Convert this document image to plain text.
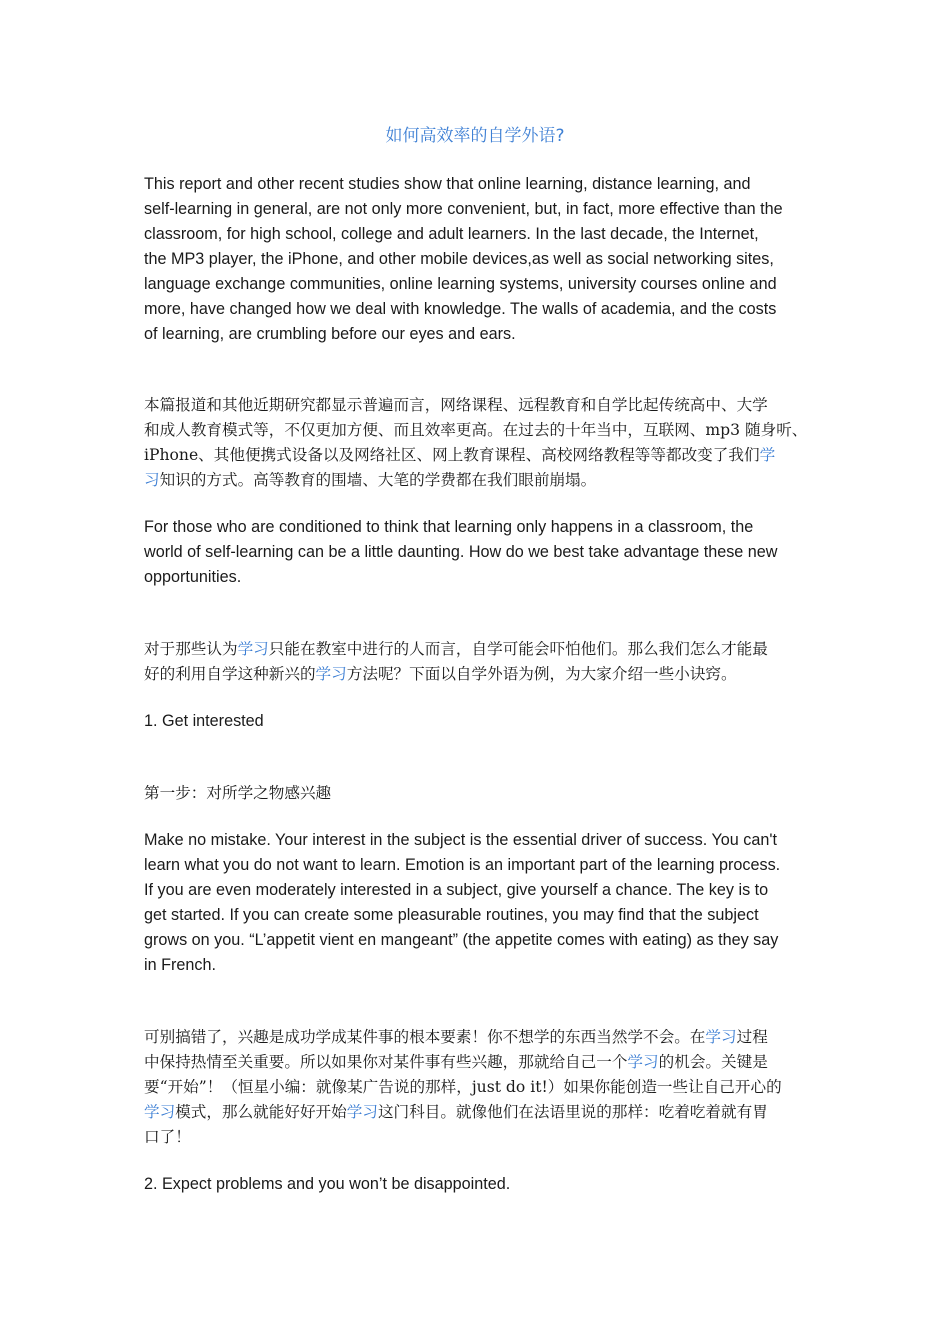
如何高效率的自学外语?

This report and other recent studies show that online learning, distance learning, and
self-learning in general, are not only more convenient, but, in fact, more effective than the
classroom, for high school, college and adult learners. In the last decade, the Internet,
the MP3 player, the iPhone, and other mobile devices,as well as social networking sites,
language exchange communities, online learning systems, university courses online and
more, have changed how we deal with knowledge. The walls of academia, and the costs
of learning, are crumbling before our eyes and ears.

本篇报道和其他近期研究都显示普遍而言，网络课程、远程教育和自学比起传统高中、大学
和成人教育模式等，不仅更加方便、而且效率更高。在过去的十年当中，互联网、mp3 随身听、
iPhone、其他便携式设备以及网络社区、网上教育课程、高校网络教程等等都改变了我们学
习知识的方式。高等教育的围墙、大笔的学费都在我们眼前崩塌。

For those who are conditioned to think that learning only happens in a classroom, the
world of self-learning can be a little daunting. How do we best take advantage these new
opportunities.

对于那些认为学习只能在教室中进行的人而言，自学可能会吓怕他们。那么我们怎么才能最
好的利用自学这种新兴的学习方法呢？下面以自学外语为例，为大家介绍一些小诀窍。

1. Get interested

第一步：对所学之物感兴趣

Make no mistake. Your interest in the subject is the essential driver of success. You can't
learn what you do not want to learn. Emotion is an important part of the learning process.
If you are even moderately interested in a subject, give yourself a chance. The key is to
get started. If you can create some pleasurable routines, you may find that the subject
grows on you. “L’appetit vient en mangeant” (the appetite comes with eating) as they say
in French.

可别搞错了，兴趣是成功学成某件事的根本要素！你不想学的东西当然学不会。在学习过程
中保持热情至关重要。所以如果你对某件事有些兴趣，那就给自己一个学习的机会。关键是
要“开始”！（恒星小编：就像某广告说的那样，just do it!）如果你能创造一些让自己开心的
学习模式，那么就能好好开始学习这门科目。就像他们在法语里说的那样：吃着吃着就有胃
口了！

2. Expect problems and you won’t be disappointed.
